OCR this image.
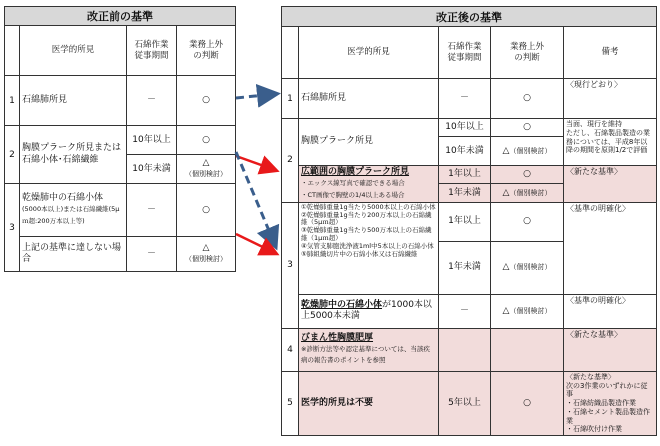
改正前の基準			
	医学的所見	石綿作業
従事期間	業務上外
の判断
1	石綿肺所見	－	○
2	胸膜プラーク所見または石綿小体･石綿繊維	10年以上	○
		10年未満	△
（個別検討）
3	乾燥肺中の石綿小体
(5000本以上)または石綿繊維(5μｍ超:200万本以上等)	－	○
	上記の基準に達しない場合	－	△
（個別検討）
改正後の基準				
	医学的所見	石綿作業
従事期間	業務上外
の判断	備考
1	石綿肺所見	－	○	〈現行どおり〉
2	胸膜プラーク所見	10年以上	○	当面、現行を維持
ただし、石綿製品製造の業務については、平成8年以降の期間を原則1/2で評価
		10年未満	△（個別検討）	
	広範囲の胸膜プラーク所見
・エックス線写真で確認できる場合
・CT画像で胸壁の1/4以上ある場合	1年以上	○	〈新たな基準〉
		1年未満	△（個別検討）	
3	①乾燥肺重量1g当たり5000本以上の石綿小体
②乾燥肺重量1g当たり200万本以上の石綿繊維（5μｍ超）
③乾燥肺重量1g当たり500万本以上の石綿繊維（1μｍ超）
④気管支肺胞洗浄液1ml中5本以上の石綿小体
⑤肺組織切片中の石綿小体又は石綿繊維	1年以上	○	〈基準の明確化〉
		1年未満	△（個別検討）	
	乾燥肺中の石綿小体が1000本以上5000本未満	－	△（個別検討）	〈基準の明確化〉
4	びまん性胸膜肥厚
※診断方法等や認定基準については、当該疾病の報告書のポイントを参照			〈新たな基準〉
5	医学的所見は不要	5年以上	○	〈新たな基準〉
次の3作業のいずれかに従事
・石綿紡織品製造作業
・石綿セメント製品製造作業
・石綿吹付け作業
